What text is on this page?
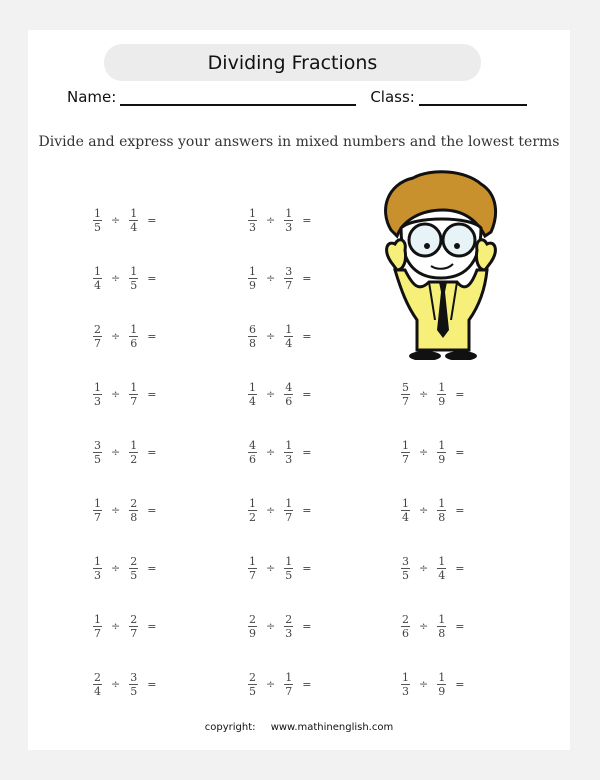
Dividing Fractions
Name:	Class:
Divide and express your answers in mixed numbers and the lowest terms
$\frac{1}{5} \div \frac{1}{4}$ =	$\frac{1}{3} \div \frac{1}{3}$ =
$\frac{1}{4} \div \frac{1}{5}$ =	$\frac{1}{9} \div \frac{3}{7}$ =
$\frac{2}{7} \div \frac{1}{6}$ =	$\frac{6}{8} \div \frac{1}{4}$ =
$\frac{1}{3} \div \frac{1}{7}$ =	$\frac{1}{4} \div \frac{4}{6}$ =	$\frac{5}{7} \div \frac{1}{9}$ =
$\frac{3}{5} \div \frac{1}{2}$ =	$\frac{4}{6} \div \frac{1}{3}$ =	$\frac{1}{7} \div \frac{1}{9}$ =
$\frac{1}{7} \div \frac{2}{8}$ =	$\frac{1}{2} \div \frac{1}{7}$ =	$\frac{1}{4} \div \frac{1}{8}$ =
$\frac{1}{3} \div \frac{2}{5}$ =	$\frac{1}{7} \div \frac{1}{5}$ =	$\frac{3}{5} \div \frac{1}{4}$ =
$\frac{1}{7} \div \frac{2}{7}$ =	$\frac{2}{9} \div \frac{2}{3}$ =	$\frac{2}{6} \div \frac{1}{8}$ =
$\frac{2}{4} \div \frac{3}{5}$ =	$\frac{2}{5} \div \frac{1}{7}$ =	$\frac{1}{3} \div \frac{1}{9}$ =
copyright: www.mathinenglish.com
